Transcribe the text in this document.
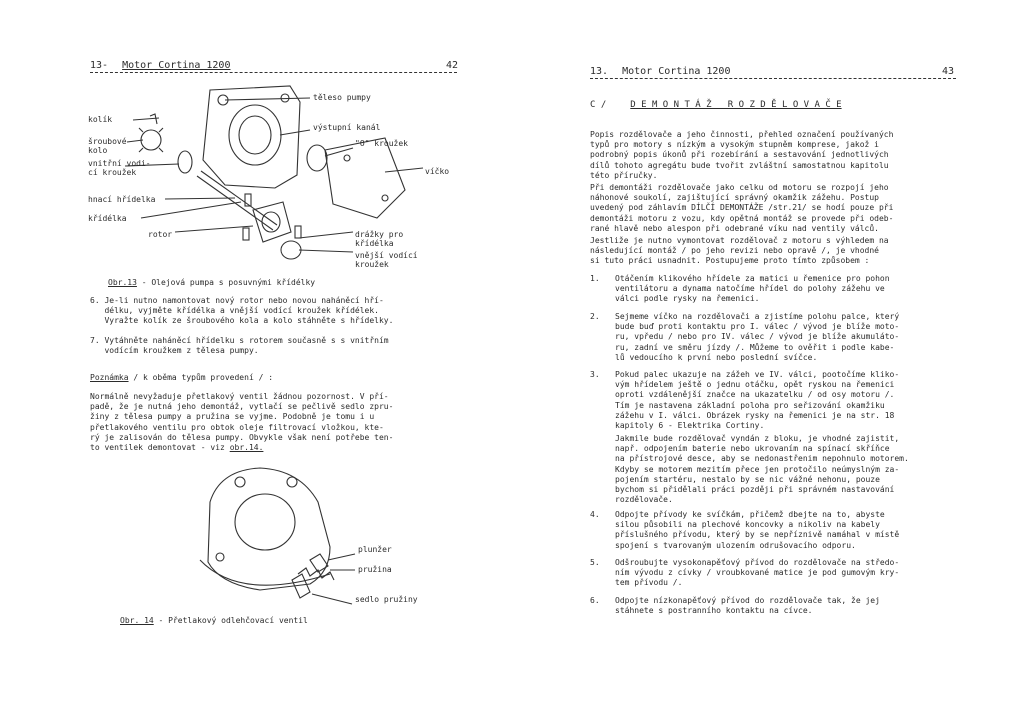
13- Motor Cortina 1200	42
těleso pumpy
kolík
výstupní kanál
šroubové kolo
"O" kroužek
vnitřní vodi-cí kroužek	víčko
hnací hřídelka
křídélka
rotor	drážky pro křídélka
vnější vodící kroužek
Obr.13 - Olejová pumpa s posuvnými křídélky
6. Je-li nutno namontovat nový rotor nebo novou naháněcí hří-
délku, vyjměte křídélka a vnější vodící kroužek křídélek.
Vyražte kolík ze šroubového kola a kolo stáhněte s hřídelky.
7. Vytáhněte naháněcí hřídelku s rotorem současně s s vnitřním
vodícím kroužkem z tělesa pumpy.
Poznámka / k oběma typům provedení / :
Normálně nevyžaduje přetlakový ventil žádnou pozornost. V pří-
padě, že je nutná jeho demontáž, vytlačí se pečlivě sedlo zpru-
žiny z tělesa pumpy a pružina se vyjme. Podobně je tomu i u
přetlakového ventilu pro obtok oleje filtrovací vložkou, kte-
rý je zalisován do tělesa pumpy. Obvykle však není potřebe ten-
to ventilek demontovat - viz obr.14.
plunžer
pružina
sedlo pružiny
Obr. 14 - Přetlakový odlehčovací ventil
13. Motor Cortina 1200	43
C /	D E M O N T Á Ž   R O Z D Ě L O V A Č E
Popis rozdělovače a jeho činnosti, přehled označení používaných
typů pro motory s nízkým a vysokým stupněm komprese, jakož i
podrobný popis úkonů při rozebírání a sestavování jednotlivých
dílů tohoto agregátu bude tvořit zvláštní samostatnou kapitolu
této příručky.
Při demontáži rozdělovače jako celku od motoru se rozpojí jeho
náhonové soukolí, zajištující správný okamžik zážehu. Postup
uvedený pod záhlavím DÍLČÍ DEMONTÁŽE /str.21/ se hodí pouze při
demontáži motoru z vozu, kdy opětná montáž se provede při odeb-
rané hlavě nebo alespon při odebrané víku nad ventily válců.
Jestliže je nutno vymontovat rozdělovač z motoru s výhledem na
následující montáž / po jeho revizi nebo opravě /, je vhodné
si tuto práci usnadnit. Postupujeme proto tímto způsobem :
1. Otáčením klikového hřídele za matici u řemenice pro pohon
ventilátoru a dynama natočíme hřídel do polohy zážehu ve
válci podle rysky na řemenici.
2. Sejmeme víčko na rozdělovači a zjistíme polohu palce, který
bude buď proti kontaktu pro I. válec / vývod je blíže moto-
ru, vpředu / nebo pro IV. válec / vývod je blíže akumuláto-
ru, zadní ve směru jízdy /. Můžeme to ověřit i podle kabe-
lů vedoucího k první nebo poslední svíčce.
3. Pokud palec ukazuje na zážeh ve IV. válci, pootočíme kliko-
vým hřídelem ještě o jednu otáčku, opět ryskou na řemenici
oproti vzdálenější značce na ukazatelku / od osy motoru /.
Tím je nastavena základní poloha pro seřizování okamžiku
zážehu v I. válci. Obrázek rysky na řemenici je na str. 18
kapitoly 6 - Elektrika Cortiny.
Jakmile bude rozdělovač vyndán z bloku, je vhodné zajistit,
např. odpojením baterie nebo ukrovaním na spínací skříňce
na přístrojové desce, aby se nedonastřenim nepohnulo motorem.
Kdyby se motorem mezitím přece jen protočilo neúmyslným za-
pojením startéru, nestalo by se nic vážné nehonu, pouze
bychom si přidělali práci později při správném nastavování
rozdělovače.
4. Odpojte přívody ke svíčkám, přičemž dbejte na to, abyste
silou působili na plechové koncovky a nikoliv na kabely
příslušného přívodu, který by se nepříznivě namáhal v místě
spojení s tvarovaným ulozením odrušovacího odporu.
5. Odšroubujte vysokonapěťový přívod do rozdělovače na středo-
ním vývodu z cívky / vroubkované matice je pod gumovým kry-
tem přívodu /.
6. Odpojte nízkonapěťový přívod do rozdělovače tak, že jej
stáhnete s postranního kontaktu na cívce.
